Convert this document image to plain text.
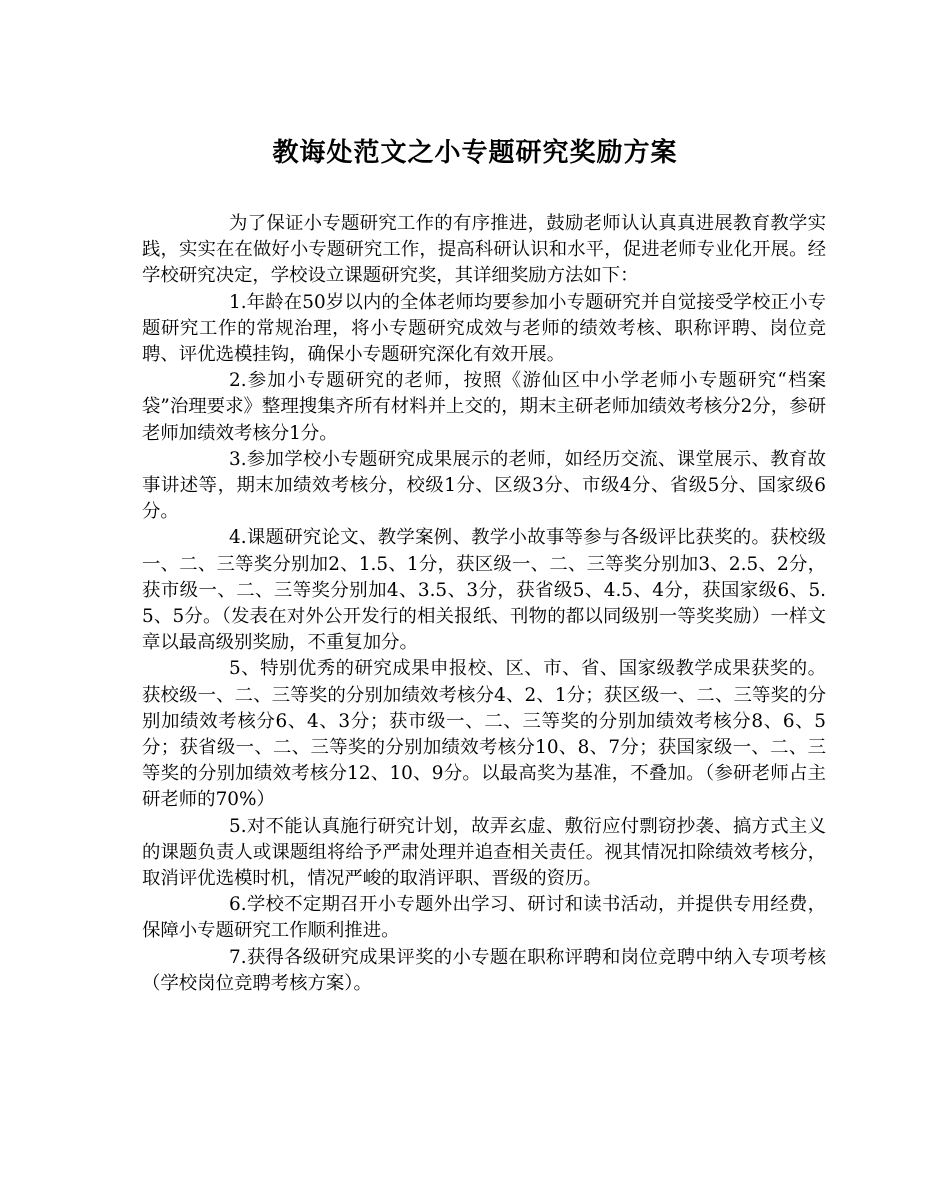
教诲处范文之小专题研究奖励方案

为了保证小专题研究工作的有序推进，鼓励老师认认真真进展教育教学实践，实实在在做好小专题研究工作，提高科研认识和水平，促进老师专业化开展。经学校研究决定，学校设立课题研究奖，其详细奖励方法如下：

1.年龄在50岁以内的全体老师均要参加小专题研究并自觉接受学校正小专题研究工作的常规治理，将小专题研究成效与老师的绩效考核、职称评聘、岗位竞聘、评优选模挂钩，确保小专题研究深化有效开展。

2.参加小专题研究的老师，按照《游仙区中小学老师小专题研究“档案袋”治理要求》整理搜集齐所有材料并上交的，期末主研老师加绩效考核分2分，参研老师加绩效考核分1分。

3.参加学校小专题研究成果展示的老师，如经历交流、课堂展示、教育故事讲述等，期末加绩效考核分，校级1分、区级3分、市级4分、省级5分、国家级6分。

4.课题研究论文、教学案例、教学小故事等参与各级评比获奖的。获校级一、二、三等奖分别加2、1.5、1分，获区级一、二、三等奖分别加3、2.5、2分，获市级一、二、三等奖分别加4、3.5、3分，获省级5、4.5、4分，获国家级6、5.5、5分。（发表在对外公开发行的相关报纸、刊物的都以同级别一等奖奖励）一样文章以最高级别奖励，不重复加分。

5、特别优秀的研究成果申报校、区、市、省、国家级教学成果获奖的。获校级一、二、三等奖的分别加绩效考核分4、2、1分；获区级一、二、三等奖的分别加绩效考核分6、4、3分；获市级一、二、三等奖的分别加绩效考核分8、6、5分；获省级一、二、三等奖的分别加绩效考核分10、8、7分；获国家级一、二、三等奖的分别加绩效考核分12、10、9分。以最高奖为基准，不叠加。（参研老师占主研老师的70%）

5.对不能认真施行研究计划，故弄玄虚、敷衍应付剽窃抄袭、搞方式主义的课题负责人或课题组将给予严肃处理并追查相关责任。视其情况扣除绩效考核分，取消评优选模时机，情况严峻的取消评职、晋级的资历。

6.学校不定期召开小专题外出学习、研讨和读书活动，并提供专用经费，保障小专题研究工作顺利推进。

7.获得各级研究成果评奖的小专题在职称评聘和岗位竞聘中纳入专项考核（学校岗位竞聘考核方案）。
